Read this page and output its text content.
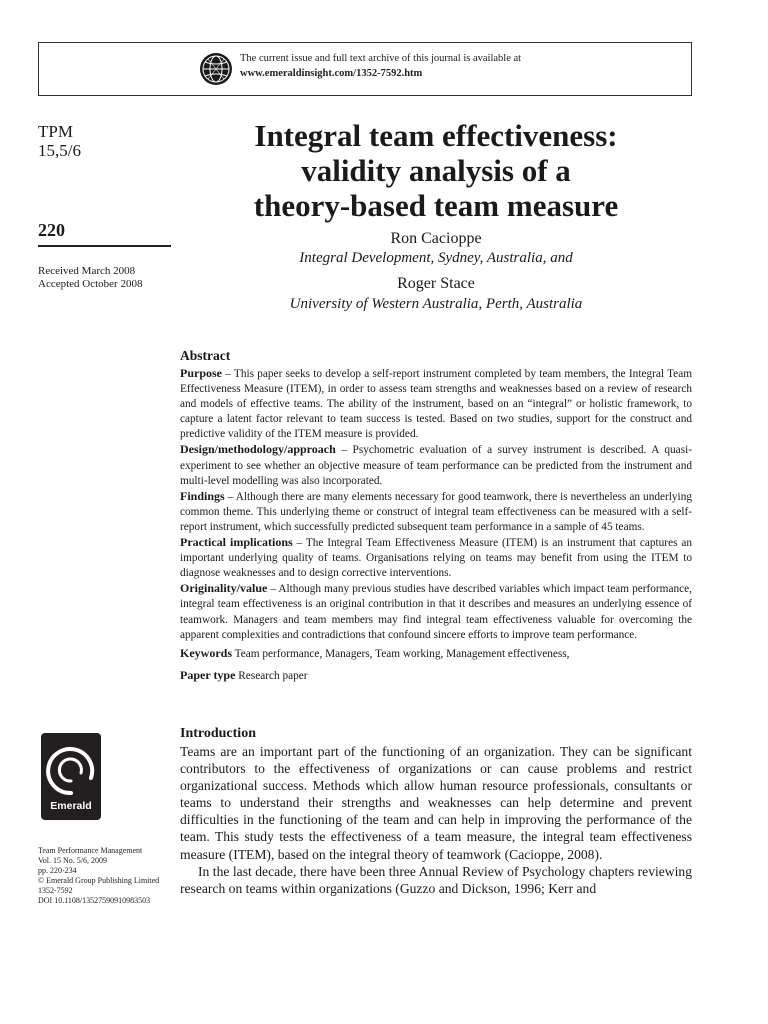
The current issue and full text archive of this journal is available at
www.emeraldinsight.com/1352-7592.htm
TPM
15,5/6
220
Received March 2008
Accepted October 2008
Integral team effectiveness:
validity analysis of a
theory-based team measure
Ron Cacioppe
Integral Development, Sydney, Australia, and
Roger Stace
University of Western Australia, Perth, Australia
Abstract

Purpose – This paper seeks to develop a self-report instrument completed by team members, the Integral Team Effectiveness Measure (ITEM), in order to assess team strengths and weaknesses based on a review of research and models of effective teams. The ability of the instrument, based on an “integral” or holistic framework, to capture a latent factor relevant to team success is tested. Based on two studies, support for the construct and predictive validity of the ITEM measure is provided.

Design/methodology/approach – Psychometric evaluation of a survey instrument is described. A quasi-experiment to see whether an objective measure of team performance can be predicted from the instrument and multi-level modelling was also incorporated.

Findings – Although there are many elements necessary for good teamwork, there is nevertheless an underlying common theme. This underlying theme or construct of integral team effectiveness can be measured with a self-report instrument, which successfully predicted subsequent team performance in a sample of 45 teams.

Practical implications – The Integral Team Effectiveness Measure (ITEM) is an instrument that captures an important underlying quality of teams. Organisations relying on teams may benefit from using the ITEM to diagnose weaknesses and to design corrective interventions.

Originality/value – Although many previous studies have described variables which impact team performance, integral team effectiveness is an original contribution in that it describes and measures an underlying essence of teamwork. Managers and team members may find integral team effectiveness valuable for overcoming the apparent complexities and contradictions that confound sincere efforts to improve team performance.

Keywords Team performance, Managers, Team working, Management effectiveness,

Paper type Research paper

Introduction

Teams are an important part of the functioning of an organization. They can be significant contributors to the effectiveness of organizations or can cause problems and restrict organizational success. Methods which allow human resource professionals, consultants or teams to understand their strengths and weaknesses can help determine and prevent difficulties in the functioning of the team and can help in improving the performance of the team. This study tests the effectiveness of a team measure, the integral team effectiveness measure (ITEM), based on the integral theory of teamwork (Cacioppe, 2008).

In the last decade, there have been three Annual Review of Psychology chapters reviewing research on teams within organizations (Guzzo and Dickson, 1996; Kerr and

Emerald
Team Performance Management
Vol. 15 No. 5/6, 2009
pp. 220-234
© Emerald Group Publishing Limited
1352-7592
DOI 10.1108/13527590910983503
